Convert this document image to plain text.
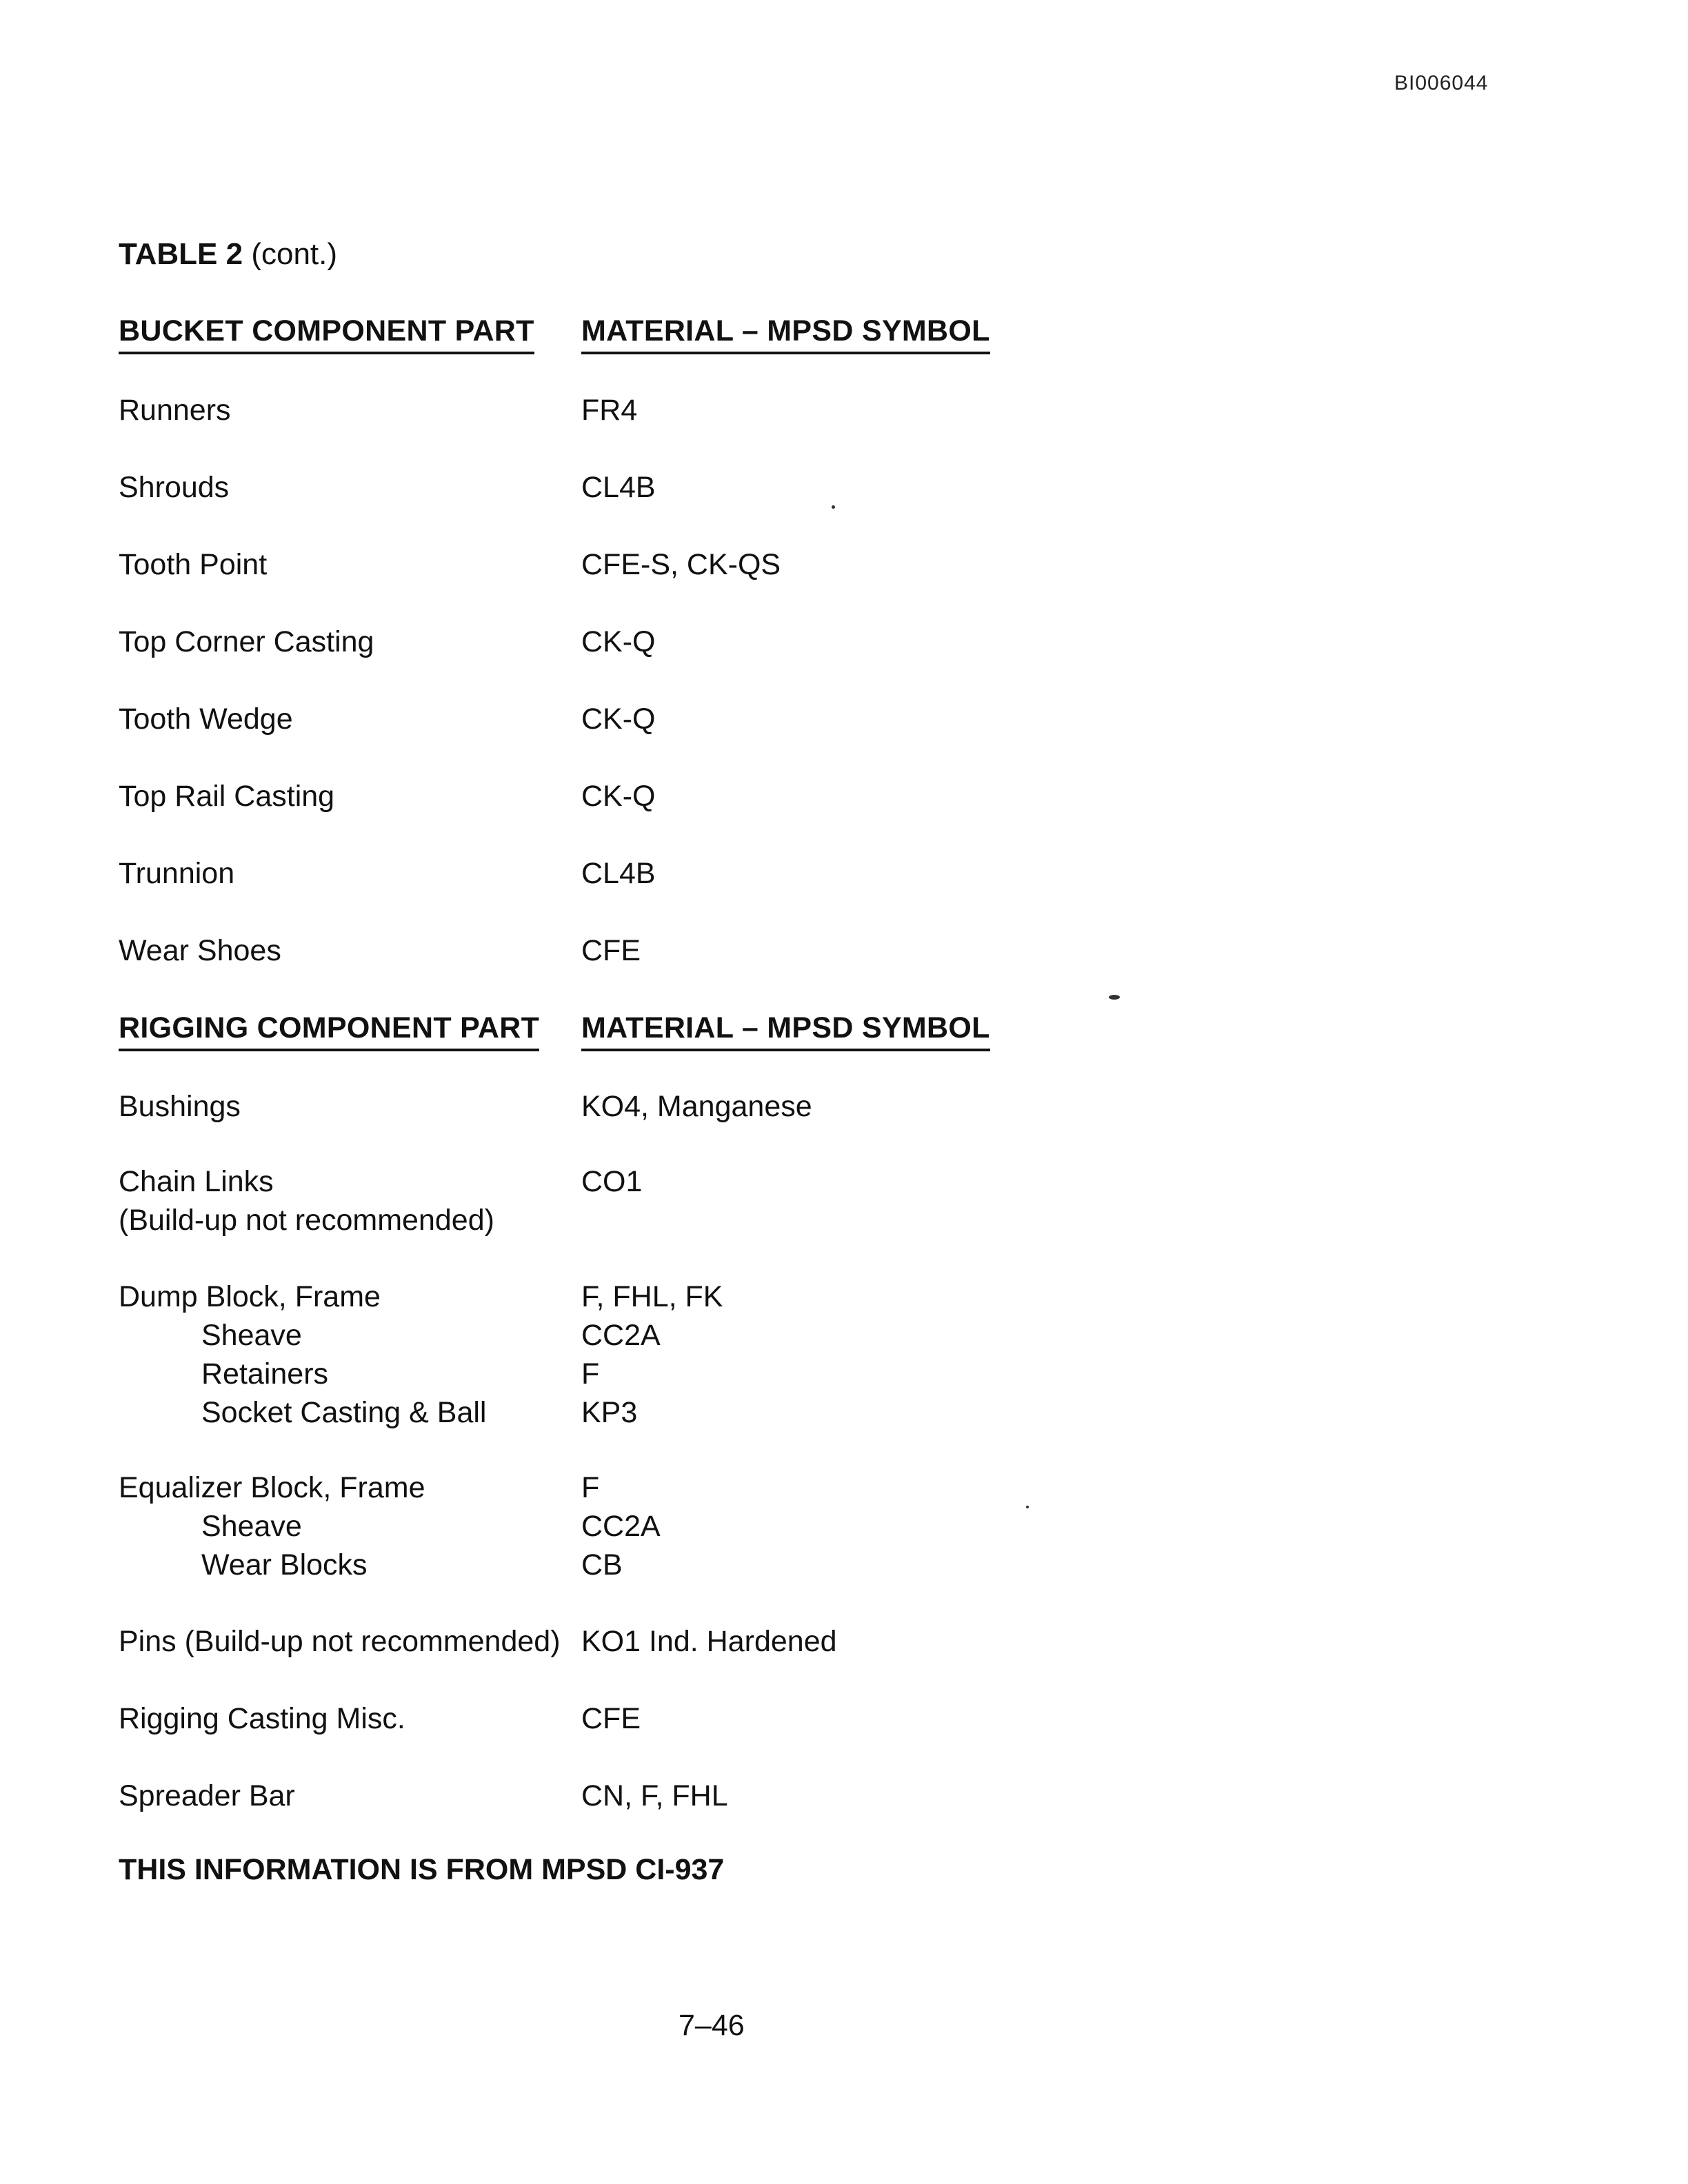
BI006044
TABLE 2 (cont.)
BUCKET COMPONENT PART MATERIAL – MPSD SYMBOL
Runners	FR4
Shrouds	CL4B
Tooth Point	CFE-S, CK-QS
Top Corner Casting	CK-Q
Tooth Wedge	CK-Q
Top Rail Casting	CK-Q
Trunnion	CL4B
Wear Shoes	CFE
RIGGING COMPONENT PART MATERIAL – MPSD SYMBOL
Bushings	KO4, Manganese
Chain Links	CO1
(Build-up not recommended)
Dump Block, Frame	F, FHL, FK
Sheave	CC2A
Retainers	F
Socket Casting & Ball	KP3
Equalizer Block, Frame	F
Sheave	CC2A
Wear Blocks	CB
Pins (Build-up not recommended) KO1 Ind. Hardened
Rigging Casting Misc.	CFE
Spreader Bar	CN, F, FHL
THIS INFORMATION IS FROM MPSD CI-937
7–46
